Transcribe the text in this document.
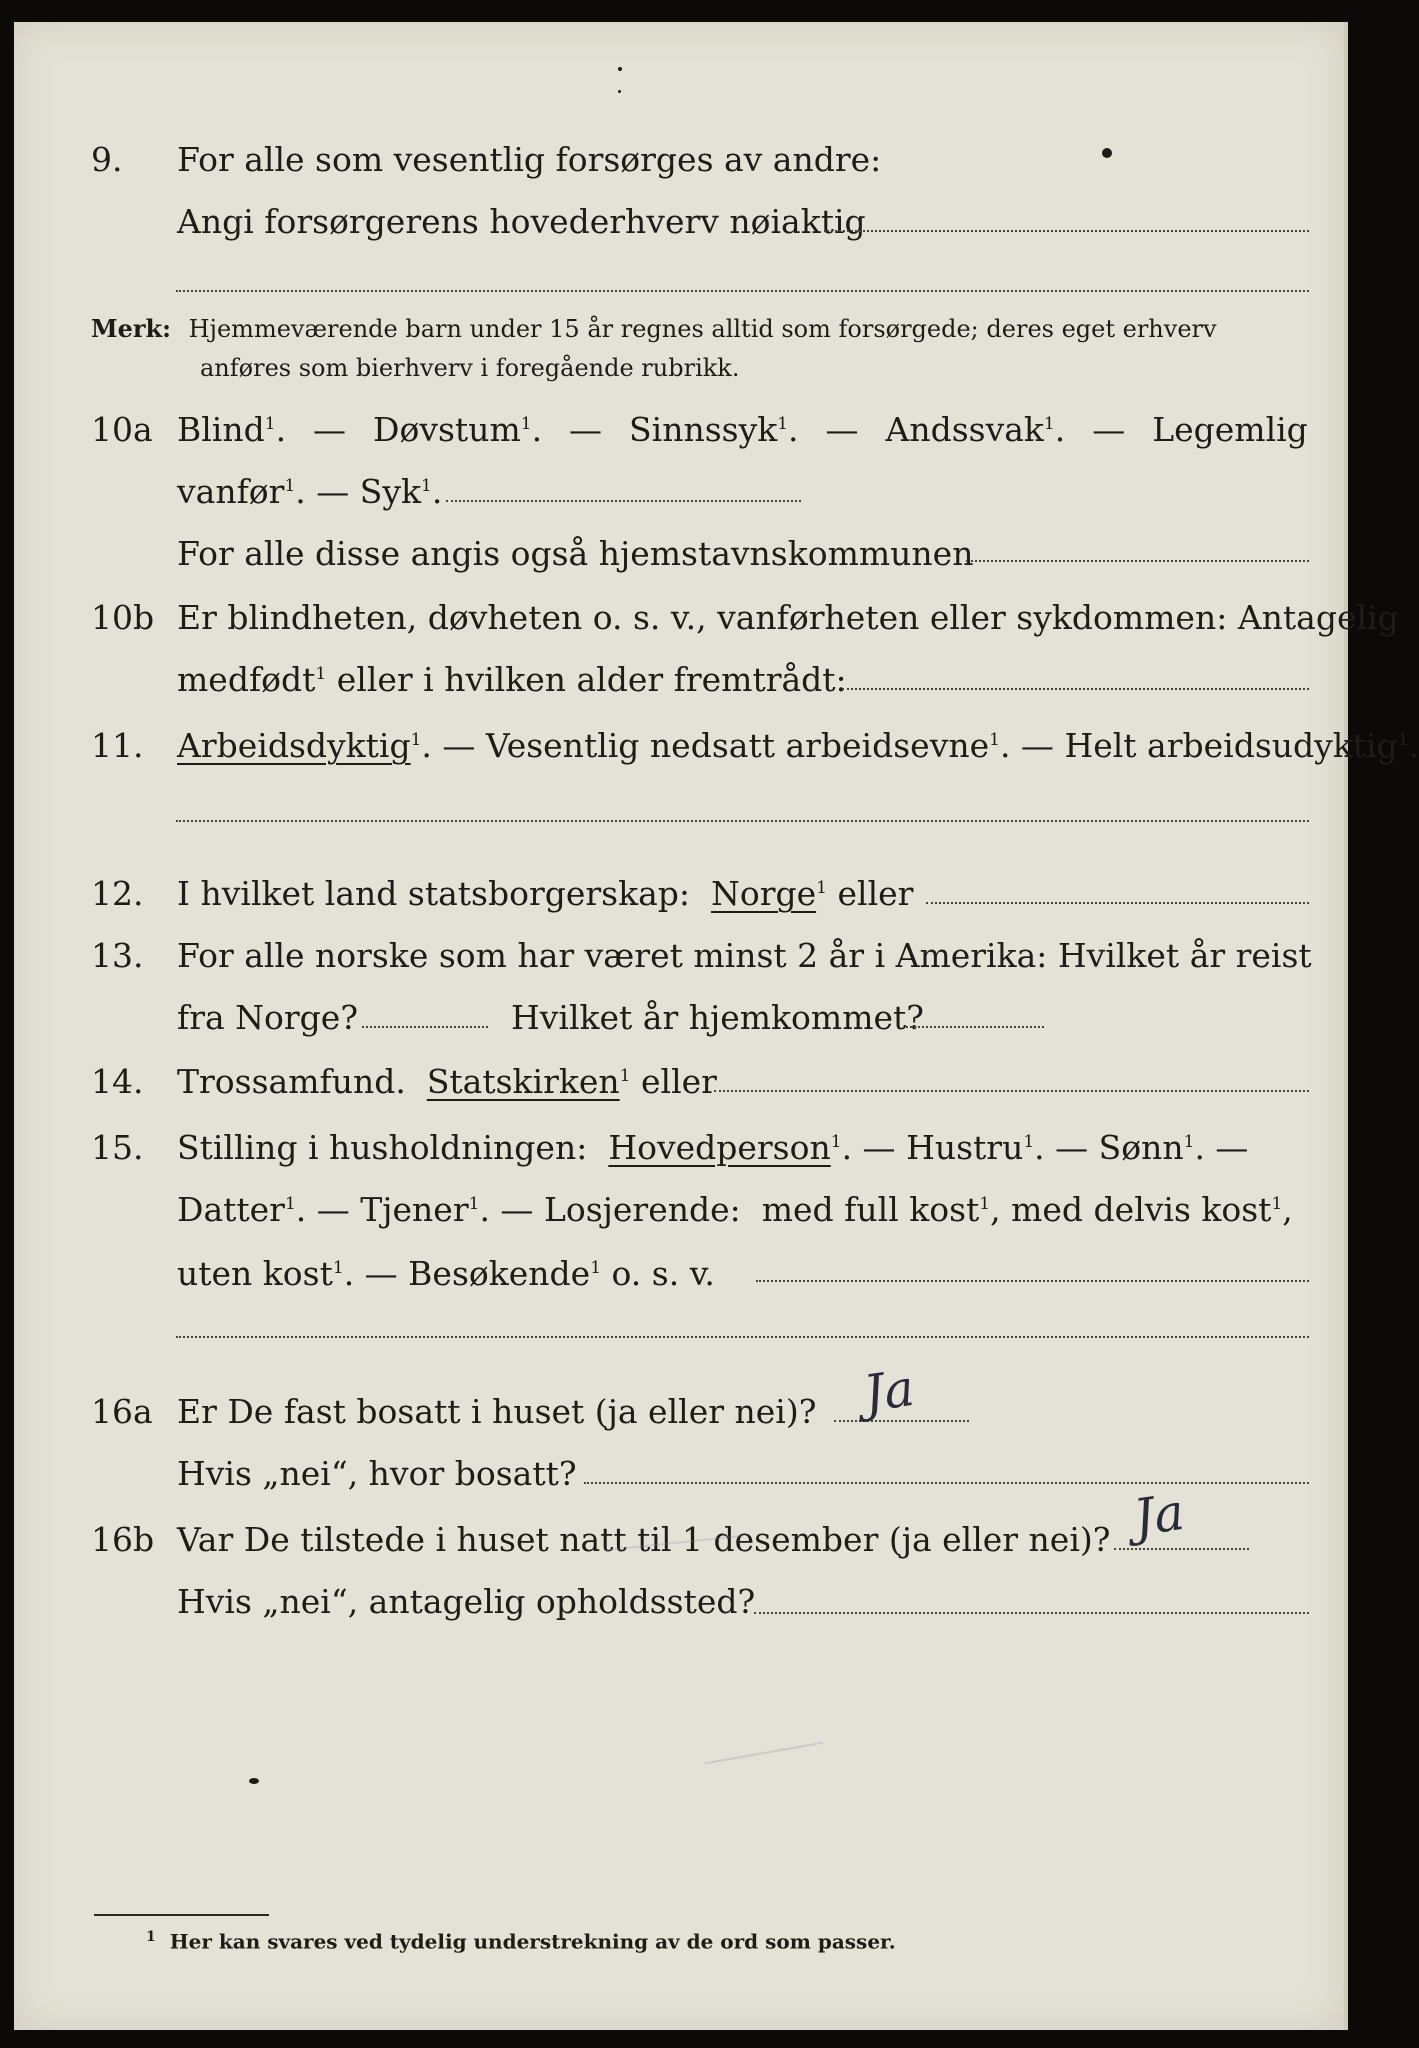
9. For alle som vesentlig forsørges av andre:
Angi forsørgerens hovederhverv nøiaktig
Merk: Hjemmeværende barn under 15 år regnes alltid som forsørgede; deres eget erhverv
anføres som bierhverv i foregående rubrikk.
10a Blind$^1$.  —  Døvstum$^1$.  —  Sinnssyk$^1$.  —  Andssvak$^1$.  —  Legemlig
vanfør$^1$. — Syk$^1$.
For alle disse angis også hjemstavnskommunen
10b Er blindheten, døvheten o. s. v., vanførheten eller sykdommen: Antagelig
medfødt$^1$ eller i hvilken alder fremtrådt:
11. Arbeidsdyktig$^1$. — Vesentlig nedsatt arbeidsevne$^1$. — Helt arbeidsudyktig$^1$.
12. I hvilket land statsborgerskap: Norge$^1$ eller
13. For alle norske som har været minst 2 år i Amerika: Hvilket år reist
fra Norge?	Hvilket år hjemkommet?
14. Trossamfund. Statskirken$^1$ eller
15. Stilling i husholdningen: Hovedperson$^1$. — Hustru$^1$. — Sønn$^1$. —
Datter$^1$. — Tjener$^1$. — Losjerende: med full kost$^1$, med delvis kost$^1$,
uten kost$^1$. — Besøkende$^1$ o. s. v.
16a Er De fast bosatt i huset (ja eller nei)? Ja
Hvis „nei“, hvor bosatt?
16b Var De tilstede i huset natt til 1 desember (ja eller nei)? Ja
Hvis „nei“, antagelig opholdssted?
$^1$ Her kan svares ved tydelig understrekning av de ord som passer.
